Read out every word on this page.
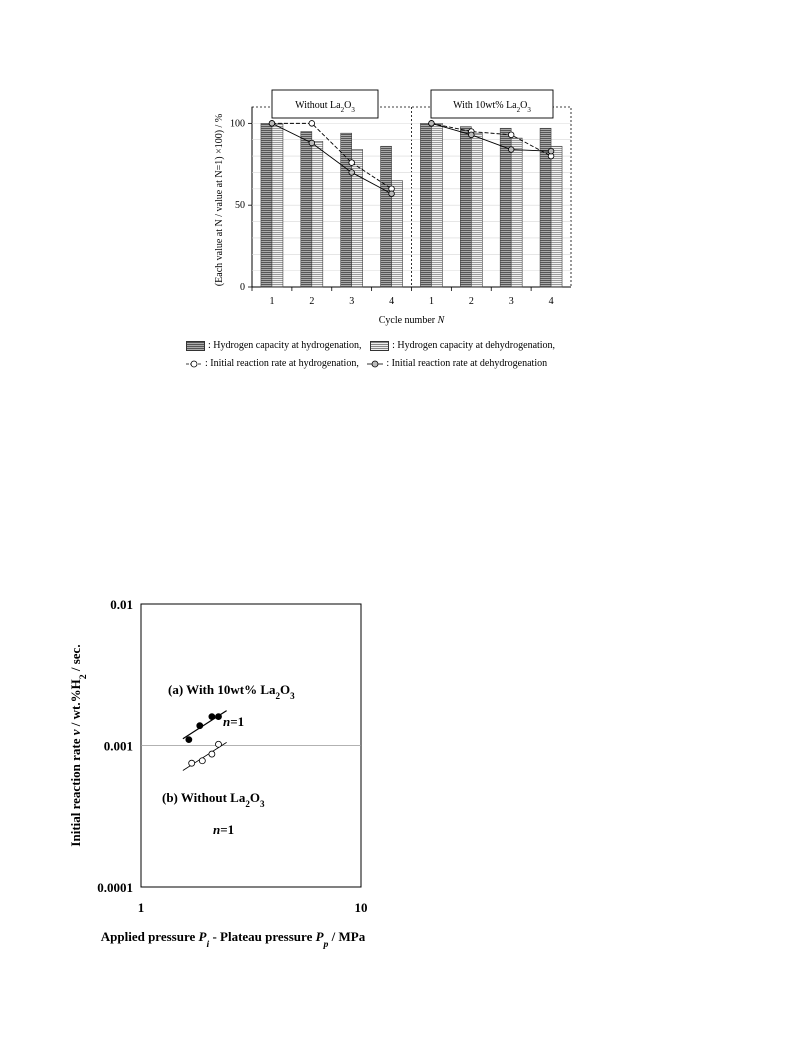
0
50
100
Without $La_2O_3$	With 10wt% $La_2O_3$
1	2	3	4	1	2	3	4
Cycle number N
(Each value at N / value at N=1) ×100) / %
: Hydrogen capacity at hydrogenation,
	: Hydrogen capacity at dehydrogenation,
: Initial reaction rate at hydrogenation,
	: Initial reaction rate at dehydrogenation
0.0001
0.001
0.01
1	10
(a) With 10wt% $La_2O_3$
n=1
(b) Without $La_2O_3$
n=1
Applied pressure $P_i$ - Plateau pressure $P_p$ / MPa
Initial reaction rate v / $wt.\%H_2$ / sec.
